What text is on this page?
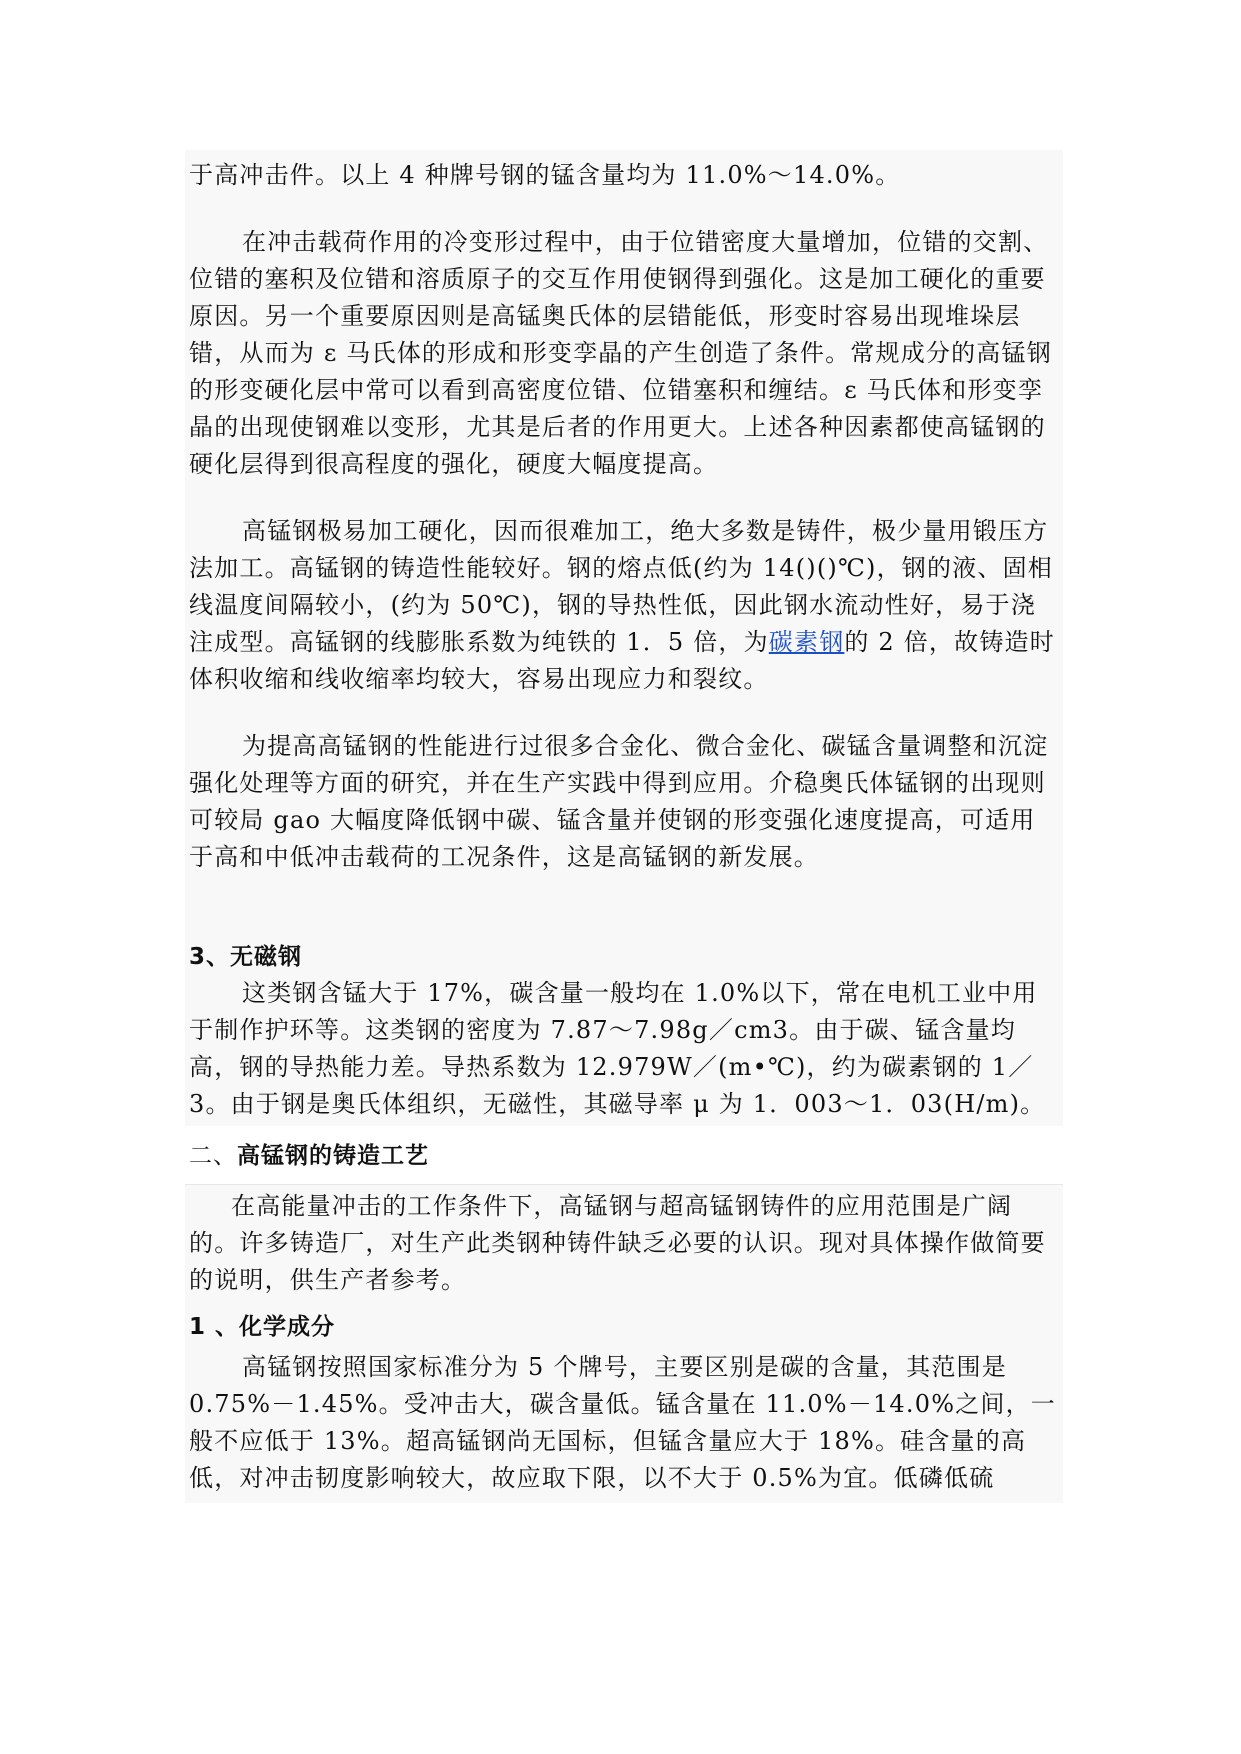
于高冲击件。以上 4 种牌号钢的锰含量均为 11.0%～14.0%。

在冲击载荷作用的冷变形过程中，由于位错密度大量增加，位错的交割、位错的塞积及位错和溶质原子的交互作用使钢得到强化。这是加工硬化的重要原因。另一个重要原因则是高锰奥氏体的层错能低，形变时容易出现堆垛层错，从而为 ε 马氏体的形成和形变孪晶的产生创造了条件。常规成分的高锰钢的形变硬化层中常可以看到高密度位错、位错塞积和缠结。ε 马氏体和形变孪晶的出现使钢难以变形，尤其是后者的作用更大。上述各种因素都使高锰钢的硬化层得到很高程度的强化，硬度大幅度提高。

高锰钢极易加工硬化，因而很难加工，绝大多数是铸件，极少量用锻压方法加工。高锰钢的铸造性能较好。钢的熔点低(约为 14()()℃)，钢的液、固相线温度间隔较小，(约为 50℃)，钢的导热性低，因此钢水流动性好，易于浇注成型。高锰钢的线膨胀系数为纯铁的 1．5 倍，为碳素钢的 2 倍，故铸造时体积收缩和线收缩率均较大，容易出现应力和裂纹。

为提高高锰钢的性能进行过很多合金化、微合金化、碳锰含量调整和沉淀强化处理等方面的研究，并在生产实践中得到应用。介稳奥氏体锰钢的出现则可较局 gao 大幅度降低钢中碳、锰含量并使钢的形变强化速度提高，可适用于高和中低冲击载荷的工况条件，这是高锰钢的新发展。

3、无磁钢

这类钢含锰大于 17%，碳含量一般均在 1.0%以下，常在电机工业中用于制作护环等。这类钢的密度为 7.87～7.98g／cm3。由于碳、锰含量均高，钢的导热能力差。导热系数为 12.979W／(m•℃)，约为碳素钢的 1／3。由于钢是奥氏体组织，无磁性，其磁导率 μ 为 1．003～1．03(H/m)。

二、高锰钢的铸造工艺

在高能量冲击的工作条件下，高锰钢与超高锰钢铸件的应用范围是广阔的。许多铸造厂，对生产此类钢种铸件缺乏必要的认识。现对具体操作做简要的说明，供生产者参考。

1 、化学成分

高锰钢按照国家标准分为 5 个牌号，主要区别是碳的含量，其范围是 0.75%－1.45%。受冲击大，碳含量低。锰含量在 11.0%－14.0%之间，一般不应低于 13%。超高锰钢尚无国标，但锰含量应大于 18%。硅含量的高低，对冲击韧度影响较大，故应取下限，以不大于 0.5%为宜。低磷低硫
